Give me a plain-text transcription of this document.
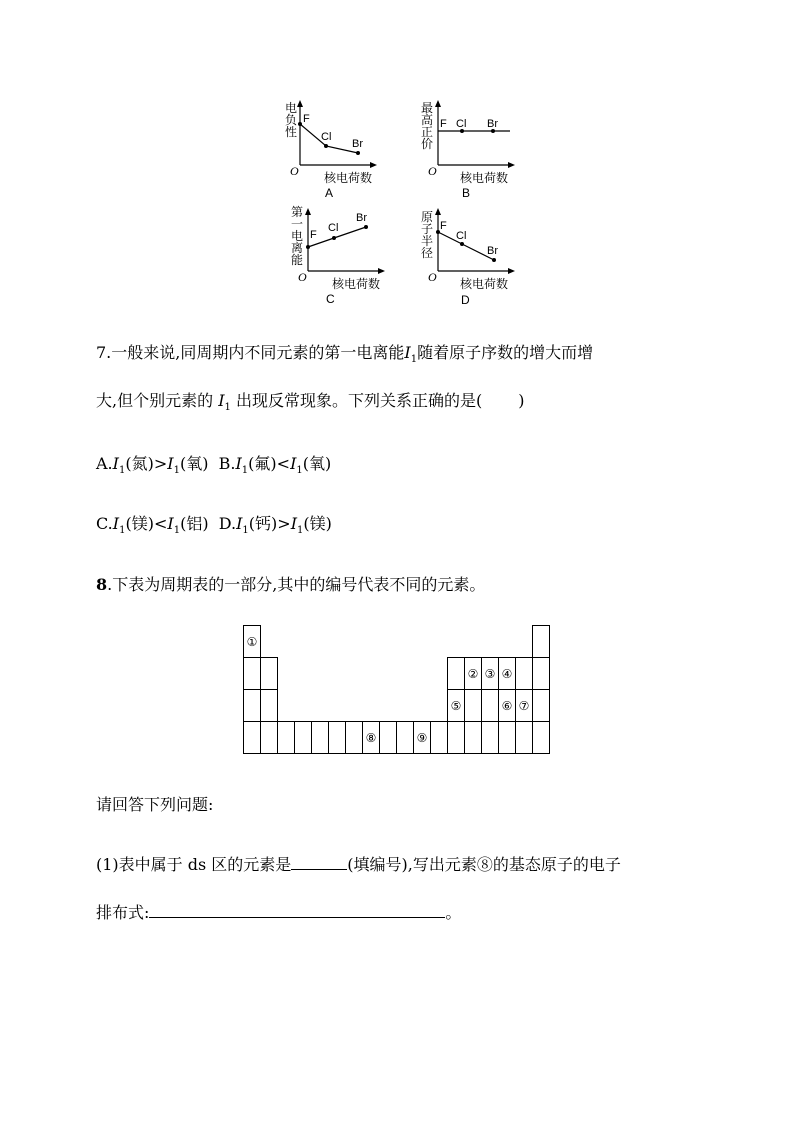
电
负
性
F
Cl
Br
O 核电荷数
A
最
高
正
价
F Cl Br
O 核电荷数
B
第
一
电
离
能
F
Cl
Br
O 核电荷数
C
原
子
半
径
F
Cl
Br
O 核电荷数
D
7.一般来说,同周期内不同元素的第一电离能$I_1$随着原子序数的增大而增
大,但个别元素的 $I_1$ 出现反常现象。下列关系正确的是( )
$A.I_1$(氮)$>I_1$(氧) $B.I_1$(氟)$<I_1$(氧)
$C.I_1$(镁)$<I_1$(铝) $D.I_1$(钙)$>I_1$(镁)
8.下表为周期表的一部分,其中的编号代表不同的元素。
①																	
													②	③	④		
												⑤			⑥	⑦	
							⑧			⑨							
请回答下列问题:
(1)表中属于 ds 区的元素是	(填编号),写出元素⑧的基态原子的电子
排布式:	。
